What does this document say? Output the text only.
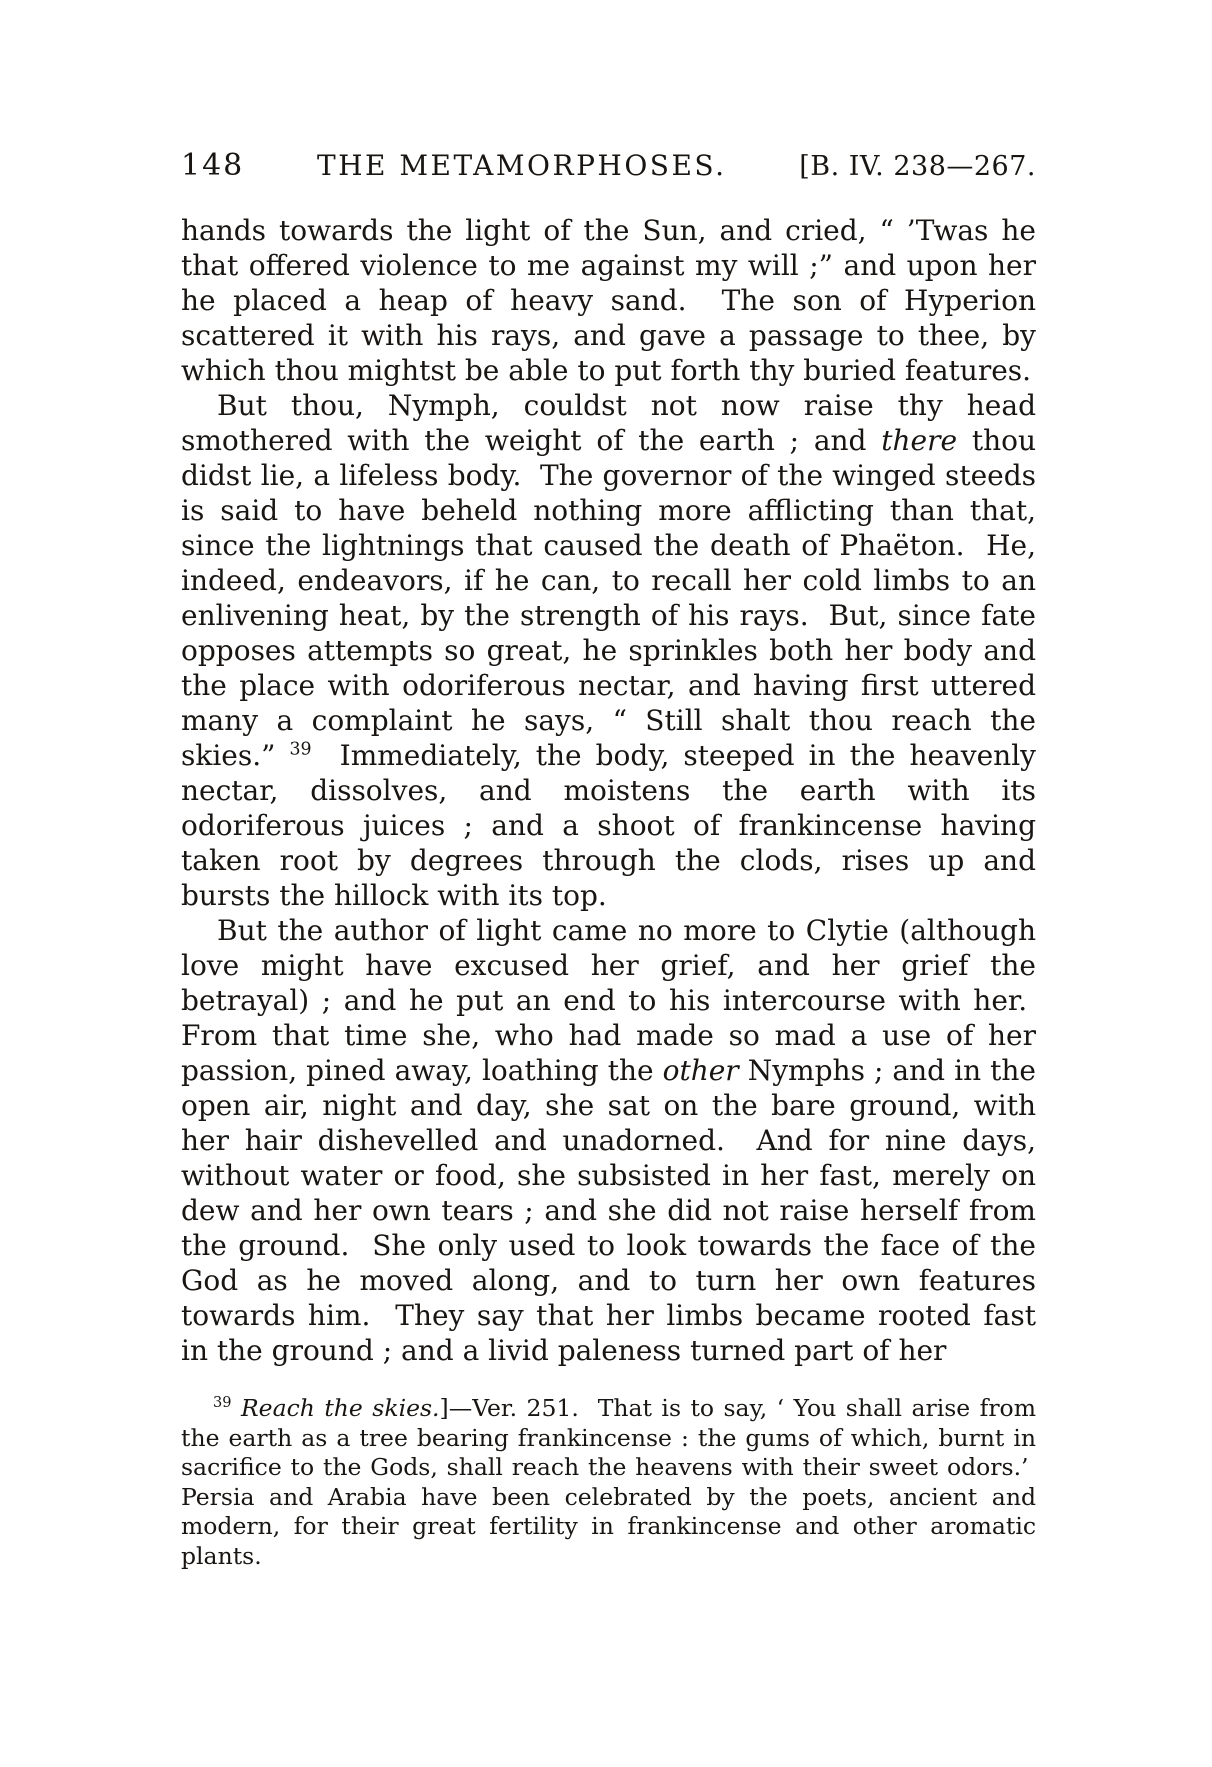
148	THE METAMORPHOSES.	[B. IV. 238—267.

hands towards the light of the Sun, and cried, “ ’Twas he that offered violence to me against my will ;” and upon her he placed a heap of heavy sand.  The son of Hyperion scattered it with his rays, and gave a passage to thee, by which thou mightst be able to put forth thy buried features.

But thou, Nymph, couldst not now raise thy head smothered with the weight of the earth ; and there thou didst lie, a lifeless body.  The governor of the winged steeds is said to have beheld nothing more afflicting than that, since the lightnings that caused the death of Phaëton.  He, indeed, endeavors, if he can, to recall her cold limbs to an enlivening heat, by the strength of his rays.  But, since fate opposes attempts so great, he sprinkles both her body and the place with odoriferous nectar, and having first uttered many a complaint he says, “ Still shalt thou reach the skies.” $^{39}$  Immediately, the body, steeped in the heavenly nectar, dissolves, and moistens the earth with its odoriferous juices ; and a shoot of frankincense having taken root by degrees through the clods, rises up and bursts the hillock with its top.

But the author of light came no more to Clytie (although love might have excused her grief, and her grief the betrayal) ; and he put an end to his intercourse with her.  From that time she, who had made so mad a use of her passion, pined away, loathing the other Nymphs ; and in the open air, night and day, she sat on the bare ground, with her hair dishevelled and unadorned.  And for nine days, without water or food, she subsisted in her fast, merely on dew and her own tears ; and she did not raise herself from the ground.  She only used to look towards the face of the God as he moved along, and to turn her own features towards him.  They say that her limbs became rooted fast in the ground ; and a livid paleness turned part of her

$^{39}$ Reach the skies.]—Ver. 251.  That is to say, ‘ You shall arise from the earth as a tree bearing frankincense : the gums of which, burnt in sacrifice to the Gods, shall reach the heavens with their sweet odors.’  Persia and Arabia have been celebrated by the poets, ancient and modern, for their great fertility in frankincense and other aromatic plants.
